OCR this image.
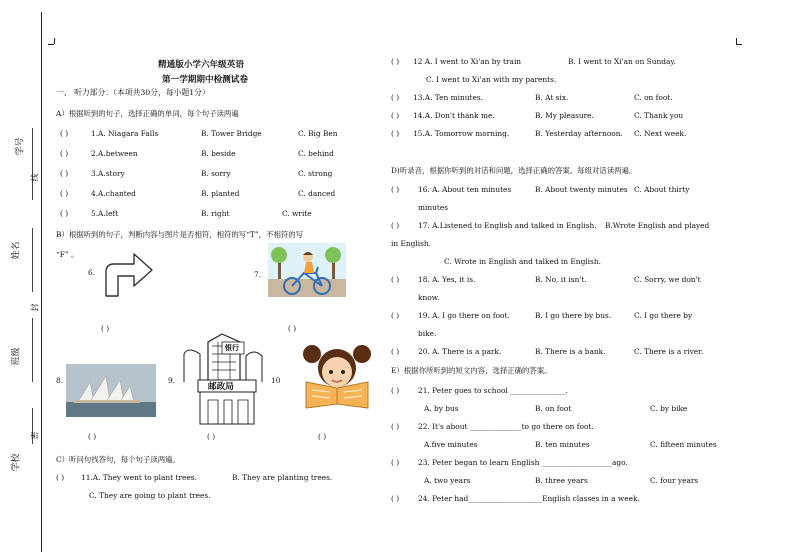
学号
线
姓名
封
班级
密
学校
精通版小学六年级英语
第一学期期中检测试卷
一、 听力部分：（本项共30分，每小题1分）
A）根据听到的句子，选择正确的单词，每个句子读两遍
( )	1.A. Niagara Falls	B. Tower Bridge	C. Big Ben
( )	2.A.between	B. beside	C. behind
( )	3.A.story	B. sorry	C. strong
( )	4.A.chanted	B. planted	C. danced
( )	5.A.left	B. right	C. write
B）根据听到的句子，判断内容与图片是否相符，相符的写“T”，不相符的写
“F” 。
6.	7.
( )	( )
8.	9.
银行
邮政局
10
( )	( )	( )
C）听问句找答句，每个句子读两遍。
( ) 11.A. They went to plant trees.	B. They are planting trees.
C. They are going to plant trees.
( ) 12 A. I went to Xi'an by train	B. I went to Xi'an on Sunday.
C. I went to Xi'an with my parents.
( ) 13.A. Ten minutes.	B. At six.	C. on foot.
( ) 14.A. Don't thank me.	B. My pleasure.	C. Thank you
( ) 15.A. Tomorrow morning.	B. Yesterday afternoon. C. Next week.
D)听录音，根据你听到的对话和问题，选择正确的答案。每组对话读两遍。
( )	16. A. About ten minutes	B. About twenty minutes C. About thirty
minutes
( )	17. A.Listened to English and talked in English. B.Wrote English and played
in English.
C. Wrote in English and talked in English.
( )	18. A. Yes, it is.	B. No, it isn't.	C. Sorry, we don't
know.
( )	19. A. I go there on foot.	B. I go there by bus.	C. I go there by
bike.
( )	20. A. There is a park.	B. There is a bank.	C. There is a river.
E）根据你所听到的短文内容，选择正确的答案。
( )	21. Peter goes to school _______________.
A. by bus	B. on foot	C. by bike
( )	22. It's about ______________to go there on foot.
A.five minutes	B. ten minutes	C. fifteen minutes
( )	23. Peter began to learn English ___________________ago.
A. two years	B. three years	C. four years
( )	24. Peter had____________________English classes in a week.
